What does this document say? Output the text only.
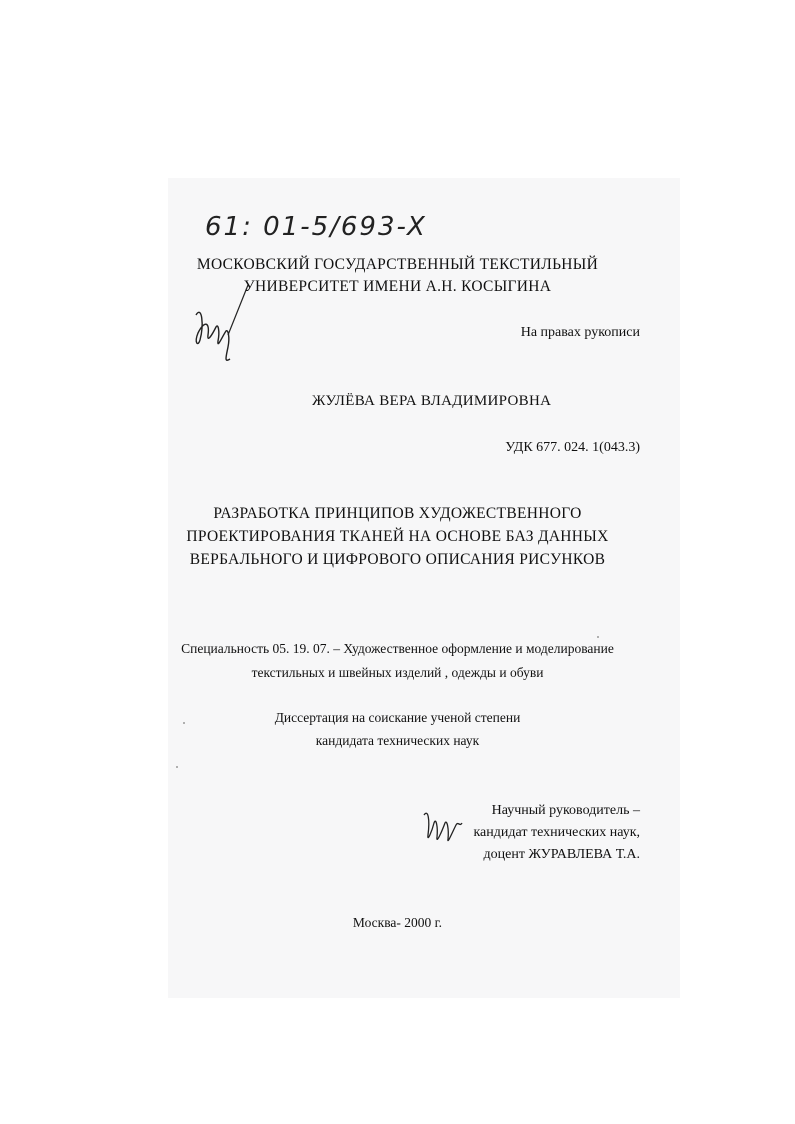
61: 01-5/693-X
МОСКОВСКИЙ ГОСУДАРСТВЕННЫЙ ТЕКСТИЛЬНЫЙ
УНИВЕРСИТЕТ ИМЕНИ А.Н. КОСЫГИНА
На правах рукописи
ЖУЛЁВА ВЕРА ВЛАДИМИРОВНА
УДК 677. 024. 1(043.3)
РАЗРАБОТКА ПРИНЦИПОВ ХУДОЖЕСТВЕННОГО
ПРОЕКТИРОВАНИЯ ТКАНЕЙ НА ОСНОВЕ БАЗ ДАННЫХ
ВЕРБАЛЬНОГО И ЦИФРОВОГО ОПИСАНИЯ РИСУНКОВ
Специальность 05. 19. 07. – Художественное оформление и моделирование
текстильных и швейных изделий , одежды и обуви
Диссертация на соискание ученой степени
кандидата технических наук
Научный руководитель –
кандидат технических наук,
доцент ЖУРАВЛЕВА Т.А.
Москва- 2000 г.
